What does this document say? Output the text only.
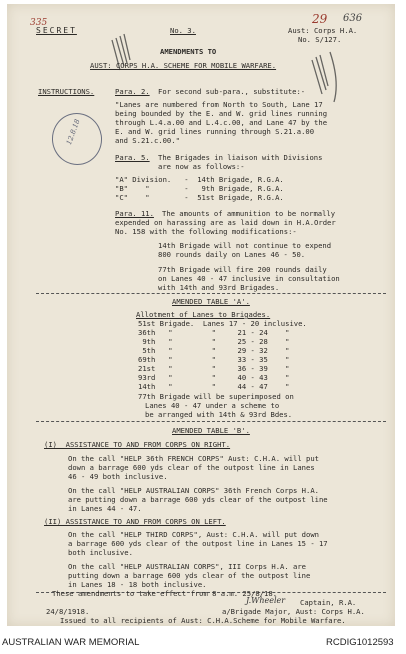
335	29 636
12.8.18
SECRET	No. 3.	Aust: Corps H.A.
No. S/127.
AMENDMENTS TO
AUST: CORPS H.A. SCHEME FOR MOBILE WARFARE.
INSTRUCTIONS.	Para. 2. For second sub-para., substitute:-
"Lanes are numbered from North to South, Lane 17
being bounded by the E. and W. grid lines running
through L.4.a.00 and L.4.c.00, and Lane 47 by the
E. and W. grid lines running through S.21.a.00
and S.21.c.00."
Para. 5. The Brigades in liaison with Divisions
are now as follows:-
"A" Division.   -  14th Brigade, R.G.A.
"B"    "        -   9th Brigade, R.G.A.
"C"    "        -  51st Brigade, R.G.A.
Para. 11. The amounts of ammunition to be normally
expended on harassing are as laid down in H.A.Order
No. 158 with the following modifications:-
14th Brigade will not continue to expend
800 rounds daily on Lanes 46 - 50.
77th Brigade will fire 200 rounds daily
on Lanes 40 - 47 inclusive in consultation
with 14th and 93rd Brigades.
AMENDED TABLE 'A'.
Allotment of Lanes to Brigades.
51st Brigade.  Lanes 17 - 20 inclusive.
36th   "         "     21 - 24    "
9th   "         "     25 - 28    "
5th   "         "     29 - 32    "
69th   "         "     33 - 35    "
21st   "         "     36 - 39    "
93rd   "         "     40 - 43    "
14th   "         "     44 - 47    "
77th Brigade will be superimposed on
Lanes 40 - 47 under a scheme to
be arranged with 14th & 93rd Bdes.
AMENDED TABLE 'B'.
(I)  ASSISTANCE TO AND FROM CORPS ON RIGHT.
On the call "HELP 36th FRENCH CORPS" Aust: C.H.A. will put
down a barrage 600 yds clear of the outpost line in Lanes
46 - 49 both inclusive.
On the call "HELP AUSTRALIAN CORPS" 36th French Corps H.A.
are putting down a barrage 600 yds clear of the outpost line
in Lanes 44 - 47.
(II) ASSISTANCE TO AND FROM CORPS ON LEFT.
On the call "HELP THIRD CORPS", Aust: C.H.A. will put down
a barrage 600 yds clear of the outpost line in Lanes 15 - 17
both inclusive.
On the call "HELP AUSTRALIAN CORPS", III Corps H.A. are
putting down a barrage 600 yds clear of the outpost line
in Lanes 18 - 18 both inclusive.
These amendments to take effect from 8 a.m. 25/8/18.
J.Wheeler Captain, R.A.
24/8/1918.	a/Brigade Major, Aust: Corps H.A.
Issued to all recipients of Aust: C.H.A.Scheme for Mobile Warfare.
AUSTRALIAN WAR MEMORIAL	RCDIG1012593
